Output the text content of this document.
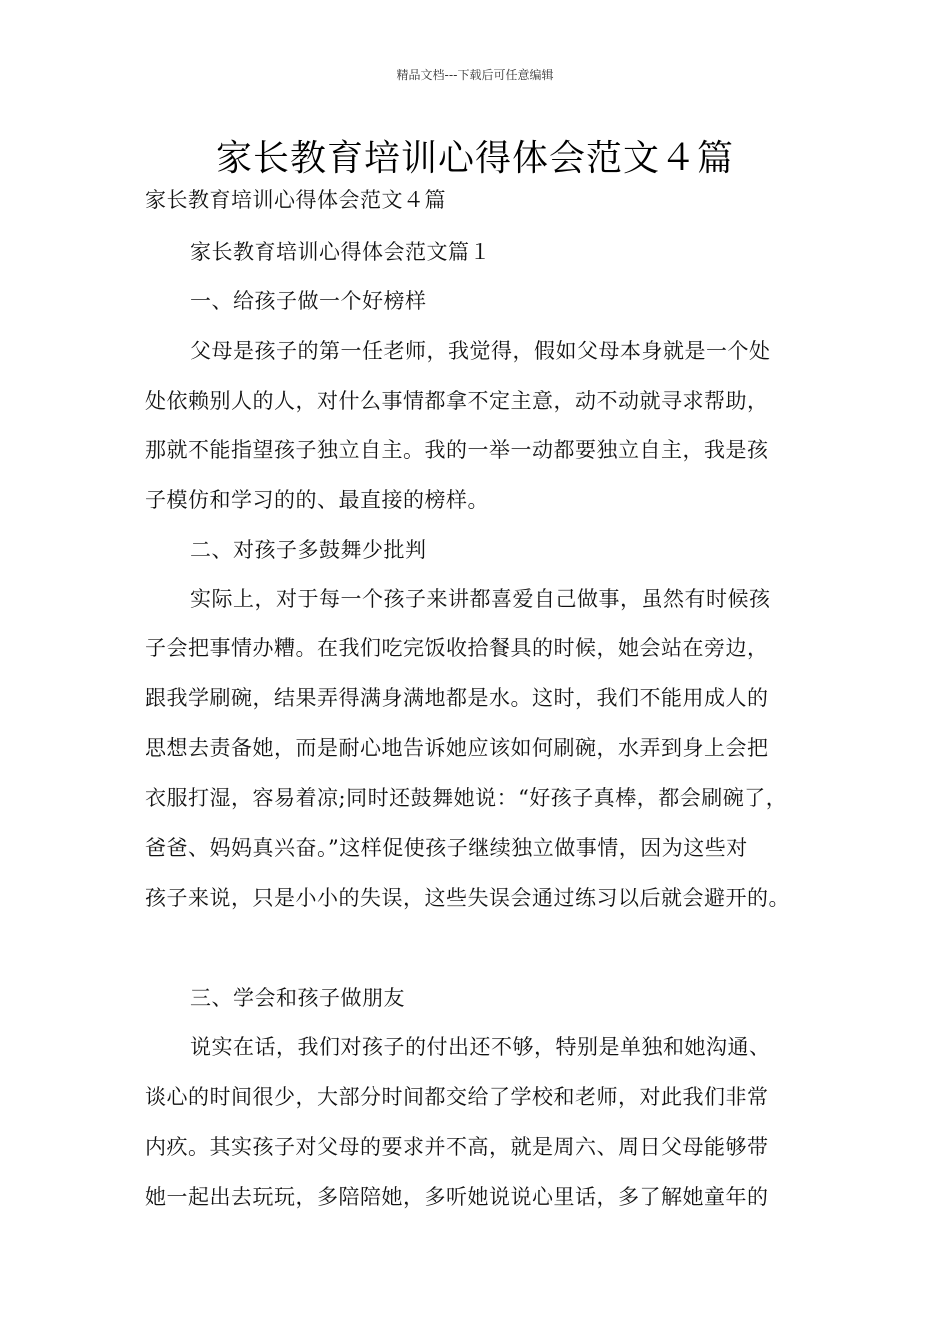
精品文档---下载后可任意编辑
家长教育培训心得体会范文４篇
家长教育培训心得体会范文４篇
家长教育培训心得体会范文篇１
一、给孩子做一个好榜样
父母是孩子的第一任老师，我觉得，假如父母本身就是一个处
处依赖别人的人，对什么事情都拿不定主意，动不动就寻求帮助，
那就不能指望孩子独立自主。我的一举一动都要独立自主，我是孩
子模仿和学习的的、最直接的榜样。
二、对孩子多鼓舞少批判
实际上，对于每一个孩子来讲都喜爱自己做事，虽然有时候孩
子会把事情办糟。在我们吃完饭收拾餐具的时候，她会站在旁边，
跟我学刷碗，结果弄得满身满地都是水。这时，我们不能用成人的
思想去责备她，而是耐心地告诉她应该如何刷碗，水弄到身上会把
衣服打湿，容易着凉;同时还鼓舞她说：“好孩子真棒，都会刷碗了，
爸爸、妈妈真兴奋。”这样促使孩子继续独立做事情，因为这些对
孩子来说，只是小小的失误，这些失误会通过练习以后就会避开的。
三、学会和孩子做朋友
说实在话，我们对孩子的付出还不够，特别是单独和她沟通、
谈心的时间很少，大部分时间都交给了学校和老师，对此我们非常
内疚。其实孩子对父母的要求并不高，就是周六、周日父母能够带
她一起出去玩玩，多陪陪她，多听她说说心里话，多了解她童年的
